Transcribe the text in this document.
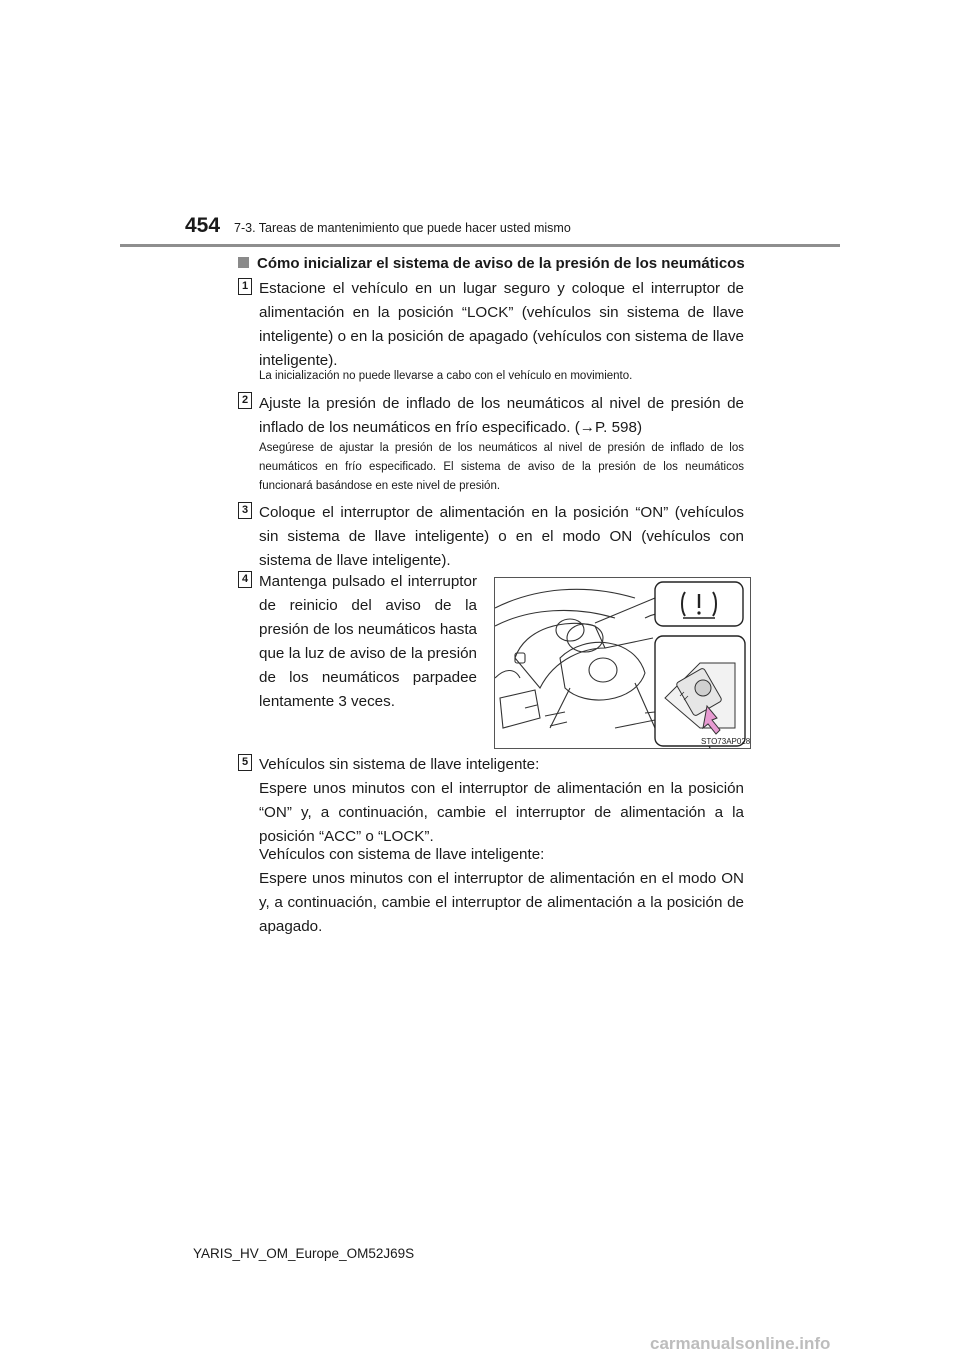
454 7-3. Tareas de mantenimiento que puede hacer usted mismo
Cómo inicializar el sistema de aviso de la presión de los neumáticos
1 Estacione el vehículo en un lugar seguro y coloque el interruptor de alimentación en la posición “LOCK” (vehículos sin sistema de llave inteligente) o en la posición de apagado (vehículos con sistema de llave inteligente).
La inicialización no puede llevarse a cabo con el vehículo en movimiento.
2 Ajuste la presión de inflado de los neumáticos al nivel de presión de inflado de los neumáticos en frío especificado. (→P. 598)
Asegúrese de ajustar la presión de los neumáticos al nivel de presión de inflado de los neumáticos en frío especificado. El sistema de aviso de la presión de los neumáticos funcionará basándose en este nivel de presión.
3 Coloque el interruptor de alimentación en la posición “ON” (vehículos sin sistema de llave inteligente) o en el modo ON (vehículos con sistema de llave inteligente).
4 Mantenga pulsado el interruptor de reinicio del aviso de la presión de los neumáticos hasta que la luz de aviso de la presión de los neumáticos parpadee lentamente 3 veces.
STO73AP028
5 Vehículos sin sistema de llave inteligente:
Espere unos minutos con el interruptor de alimentación en la posición “ON” y, a continuación, cambie el interruptor de alimentación a la posición “ACC” o “LOCK”.
Vehículos con sistema de llave inteligente:
Espere unos minutos con el interruptor de alimentación en el modo ON y, a continuación, cambie el interruptor de alimentación a la posición de apagado.
YARIS_HV_OM_Europe_OM52J69S
carmanualsonline.info
